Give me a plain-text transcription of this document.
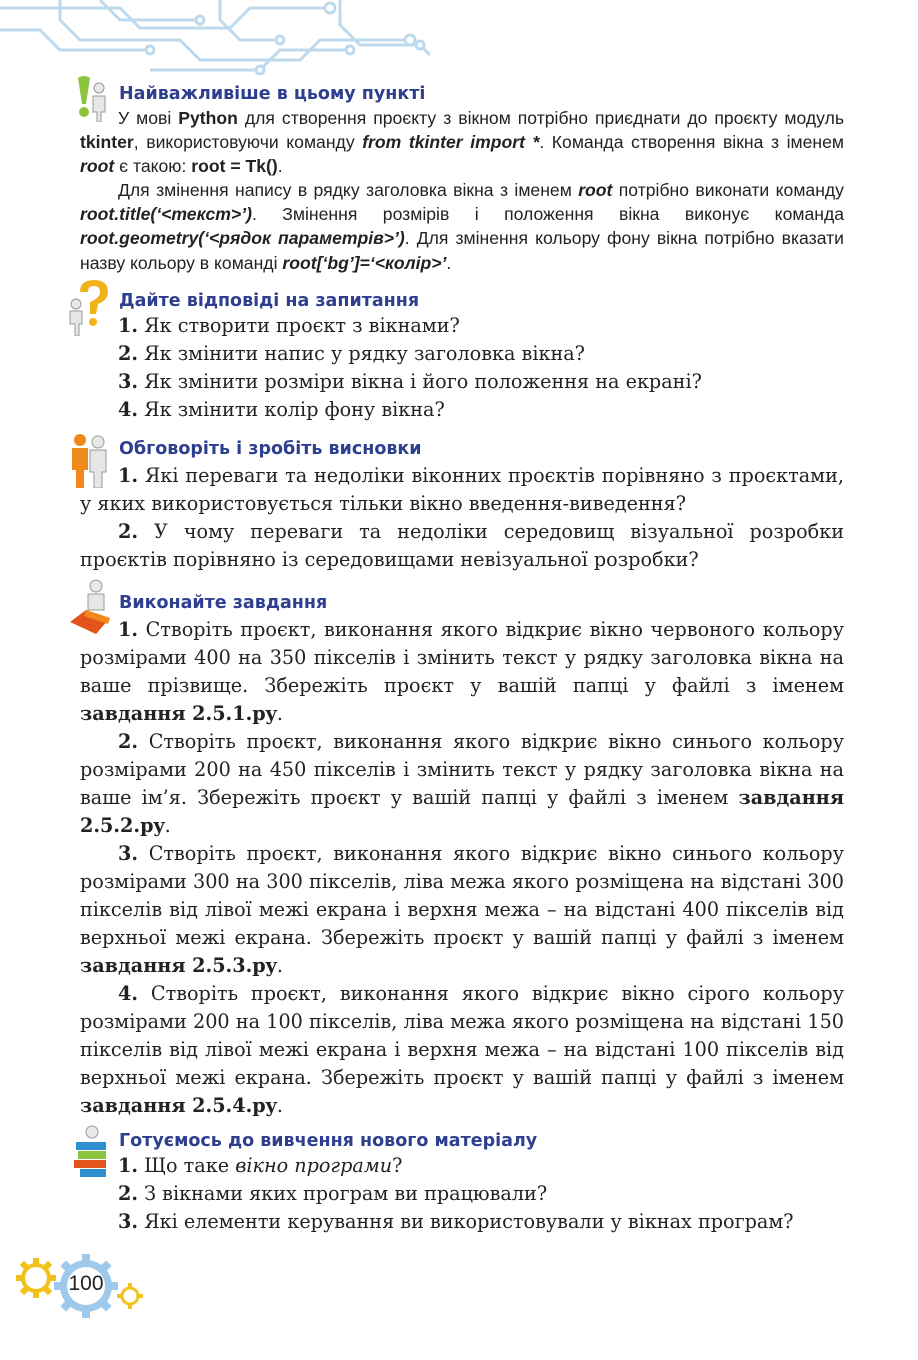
Найважливіше в цьому пункті

У мові Python для створення проєкту з вікном потрібно приєднати до проєкту модуль tkinter, використовуючи команду from tkinter import *. Команда створення вікна з іменем root є такою: root = Tk().

Для змінення напису в рядку заголовка вікна з іменем root потрібно виконати команду root.title(‘<текст>’). Змінення розмірів і положення вікна виконує команда root.geometry(‘<рядок параметрів>’). Для змінення кольору фону вікна потрібно вказати назву кольору в команді root[‘bg’]=‘<колір>’.

Дайте відповіді на запитання

1. Як створити проєкт з вікнами?

2. Як змінити напис у рядку заголовка вікна?

3. Як змінити розміри вікна і його положення на екрані?

4. Як змінити колір фону вікна?

Обговоріть і зробіть висновки

1. Які переваги та недоліки віконних проєктів порівняно з проєктами, у яких використовується тільки вікно введення-виведення?

2. У чому переваги та недоліки середовищ візуальної розробки проєктів порівняно із середовищами невізуальної розробки?

Виконайте завдання

1. Створіть проєкт, виконання якого відкриє вікно червоного кольору розмірами 400 на 350 пікселів і змінить текст у рядку заголовка вікна на ваше прізвище. Збережіть проєкт у вашій папці у файлі з іменем завдання 2.5.1.py.

2. Створіть проєкт, виконання якого відкриє вікно синього кольору розмірами 200 на 450 пікселів і змінить текст у рядку заголовка вікна на ваше ім’я. Збережіть проєкт у вашій папці у файлі з іменем завдання 2.5.2.py.

3. Створіть проєкт, виконання якого відкриє вікно синього кольору розмірами 300 на 300 пікселів, ліва межа якого розміщена на відстані 300 пікселів від лівої межі екрана і верхня межа – на відстані 400 пікселів від верхньої межі екрана. Збережіть проєкт у вашій папці у файлі з іменем завдання 2.5.3.py.

4. Створіть проєкт, виконання якого відкриє вікно сірого кольору розмірами 200 на 100 пікселів, ліва межа якого розміщена на відстані 150 пікселів від лівої межі екрана і верхня межа – на відстані 100 пікселів від верхньої межі екрана. Збережіть проєкт у вашій папці у файлі з іменем завдання 2.5.4.py.

Готуємось до вивчення нового матеріалу

1. Що таке вікно програми?

2. З вікнами яких програм ви працювали?

3. Які елементи керування ви використовували у вікнах програм?

100
